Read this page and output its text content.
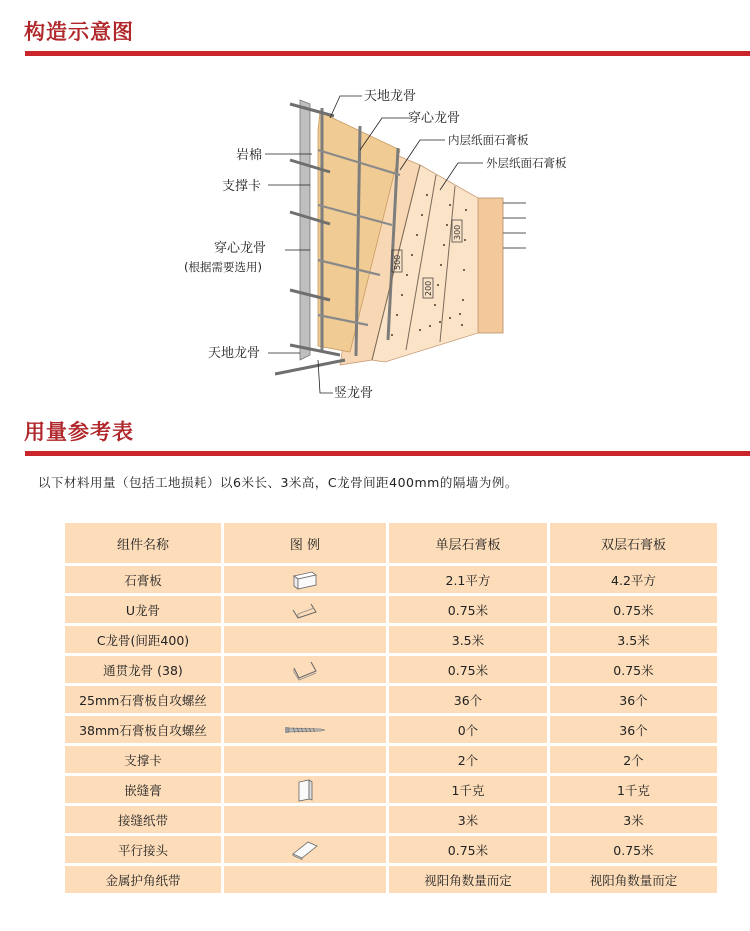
构造示意图
300
500
200
天地龙骨
穿心龙骨
内层纸面石膏板
外层纸面石膏板
岩棉
支撑卡
穿心龙骨
(根据需要选用)
天地龙骨
竖龙骨
用量参考表
以下材料用量（包括工地损耗）以6米长、3米高，C龙骨间距400mm的隔墙为例。
组件名称	图 例	单层石膏板	双层石膏板
石膏板		2.1平方	4.2平方
U龙骨		0.75米	0.75米
C龙骨(间距400)		3.5米	3.5米
通贯龙骨 (38)		0.75米	0.75米
25mm石膏板自攻螺丝		36个	36个
38mm石膏板自攻螺丝		0个	36个
支撑卡		2个	2个
嵌缝膏		1千克	1千克
接缝纸带		3米	3米
平行接头		0.75米	0.75米
金属护角纸带		视阳角数量而定	视阳角数量而定
